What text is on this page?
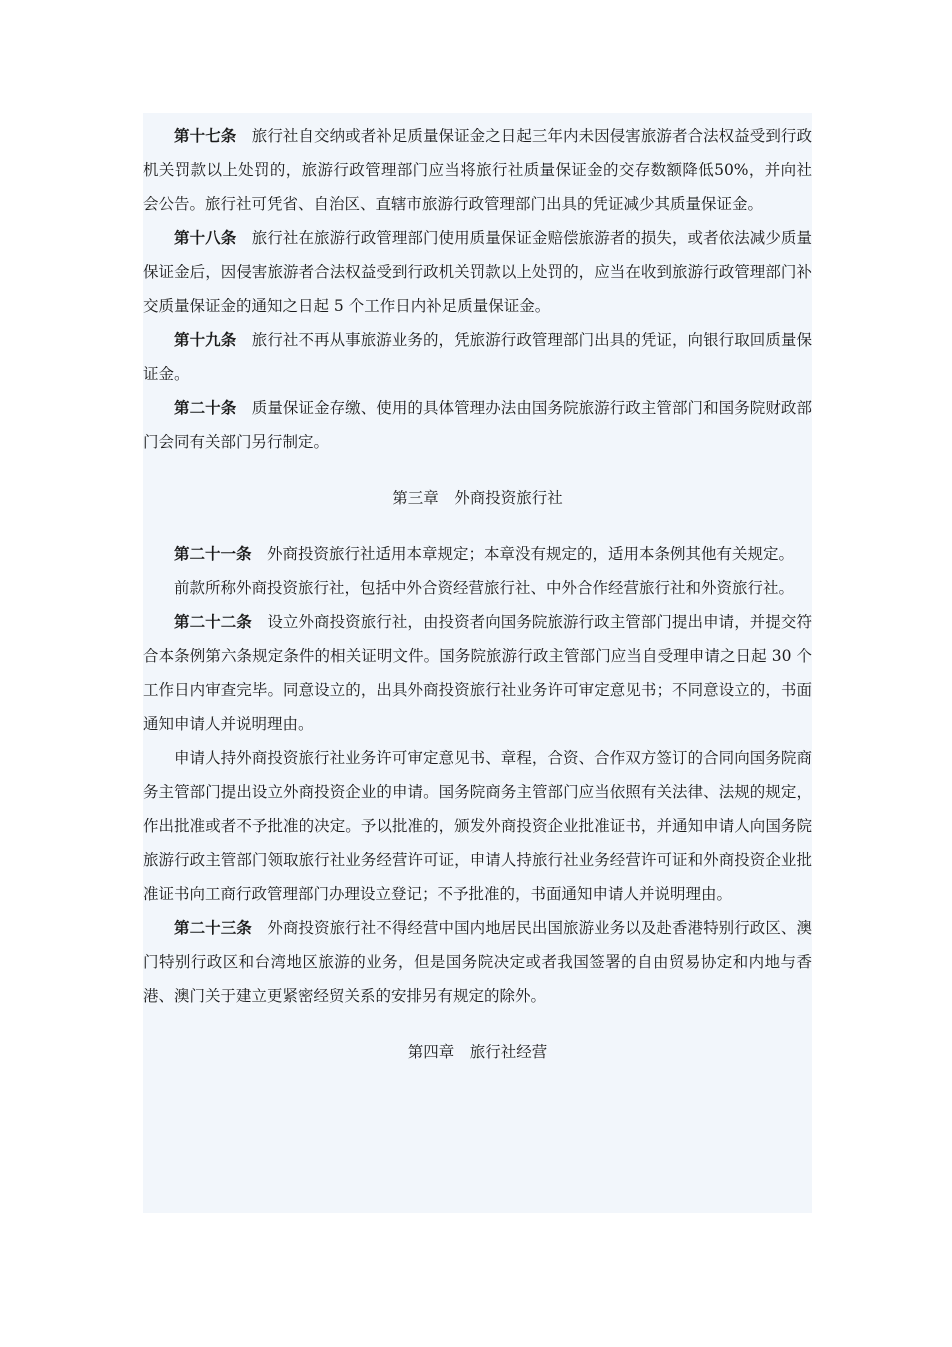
第十七条 旅行社自交纳或者补足质量保证金之日起三年内未因侵害旅游者合法权益受到行政机关罚款以上处罚的，旅游行政管理部门应当将旅行社质量保证金的交存数额降低50%，并向社会公告。旅行社可凭省、自治区、直辖市旅游行政管理部门出具的凭证减少其质量保证金。

第十八条 旅行社在旅游行政管理部门使用质量保证金赔偿旅游者的损失，或者依法减少质量保证金后，因侵害旅游者合法权益受到行政机关罚款以上处罚的，应当在收到旅游行政管理部门补交质量保证金的通知之日起 5 个工作日内补足质量保证金。

第十九条 旅行社不再从事旅游业务的，凭旅游行政管理部门出具的凭证，向银行取回质量保证金。

第二十条 质量保证金存缴、使用的具体管理办法由国务院旅游行政主管部门和国务院财政部门会同有关部门另行制定。

第三章　外商投资旅行社

第二十一条 外商投资旅行社适用本章规定；本章没有规定的，适用本条例其他有关规定。

前款所称外商投资旅行社，包括中外合资经营旅行社、中外合作经营旅行社和外资旅行社。

第二十二条 设立外商投资旅行社，由投资者向国务院旅游行政主管部门提出申请，并提交符合本条例第六条规定条件的相关证明文件。国务院旅游行政主管部门应当自受理申请之日起 30 个工作日内审查完毕。同意设立的，出具外商投资旅行社业务许可审定意见书；不同意设立的，书面通知申请人并说明理由。

申请人持外商投资旅行社业务许可审定意见书、章程，合资、合作双方签订的合同向国务院商务主管部门提出设立外商投资企业的申请。国务院商务主管部门应当依照有关法律、法规的规定，作出批准或者不予批准的决定。予以批准的，颁发外商投资企业批准证书，并通知申请人向国务院旅游行政主管部门领取旅行社业务经营许可证，申请人持旅行社业务经营许可证和外商投资企业批准证书向工商行政管理部门办理设立登记；不予批准的，书面通知申请人并说明理由。

第二十三条 外商投资旅行社不得经营中国内地居民出国旅游业务以及赴香港特别行政区、澳门特别行政区和台湾地区旅游的业务，但是国务院决定或者我国签署的自由贸易协定和内地与香港、澳门关于建立更紧密经贸关系的安排另有规定的除外。

第四章　旅行社经营
